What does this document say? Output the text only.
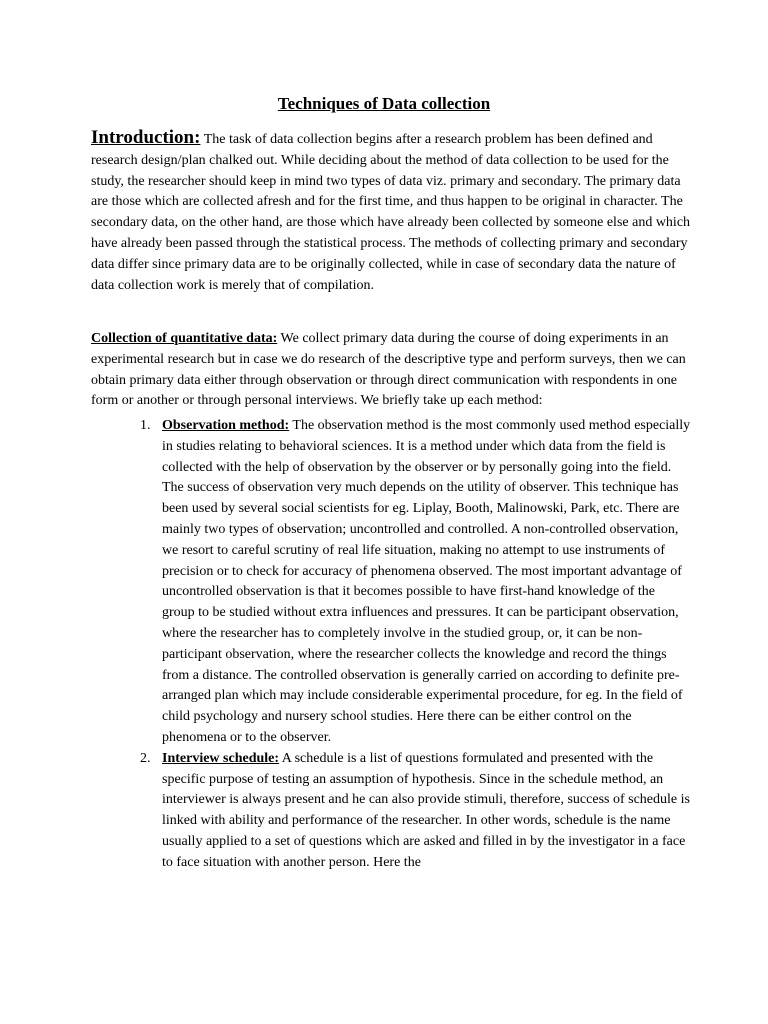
Techniques of Data collection

Introduction: The task of data collection begins after a research problem has been defined and research design/plan chalked out. While deciding about the method of data collection to be used for the study, the researcher should keep in mind two types of data viz. primary and secondary. The primary data are those which are collected afresh and for the first time, and thus happen to be original in character. The secondary data, on the other hand, are those which have already been collected by someone else and which have already been passed through the statistical process. The methods of collecting primary and secondary data differ since primary data are to be originally collected, while in case of secondary data the nature of data collection work is merely that of compilation.

Collection of quantitative data: We collect primary data during the course of doing experiments in an experimental research but in case we do research of the descriptive type and perform surveys, then we can obtain primary data either through observation or through direct communication with respondents in one form or another or through personal interviews. We briefly take up each method:

1. Observation method: The observation method is the most commonly used method especially in studies relating to behavioral sciences. It is a method under which data from the field is collected with the help of observation by the observer or by personally going into the field. The success of observation very much depends on the utility of observer. This technique has been used by several social scientists for eg. Liplay, Booth, Malinowski, Park, etc. There are mainly two types of observation; uncontrolled and controlled. A non-controlled observation, we resort to careful scrutiny of real life situation, making no attempt to use instruments of precision or to check for accuracy of phenomena observed. The most important advantage of uncontrolled observation is that it becomes possible to have first-hand knowledge of the group to be studied without extra influences and pressures. It can be participant observation, where the researcher has to completely involve in the studied group, or, it can be non-participant observation, where the researcher collects the knowledge and record the things from a distance. The controlled observation is generally carried on according to definite pre-arranged plan which may include considerable experimental procedure, for eg. In the field of child psychology and nursery school studies. Here there can be either control on the phenomena or to the observer.
2. Interview schedule: A schedule is a list of questions formulated and presented with the specific purpose of testing an assumption of hypothesis. Since in the schedule method, an interviewer is always present and he can also provide stimuli, therefore, success of schedule is linked with ability and performance of the researcher. In other words, schedule is the name usually applied to a set of questions which are asked and filled in by the investigator in a face to face situation with another person. Here the
